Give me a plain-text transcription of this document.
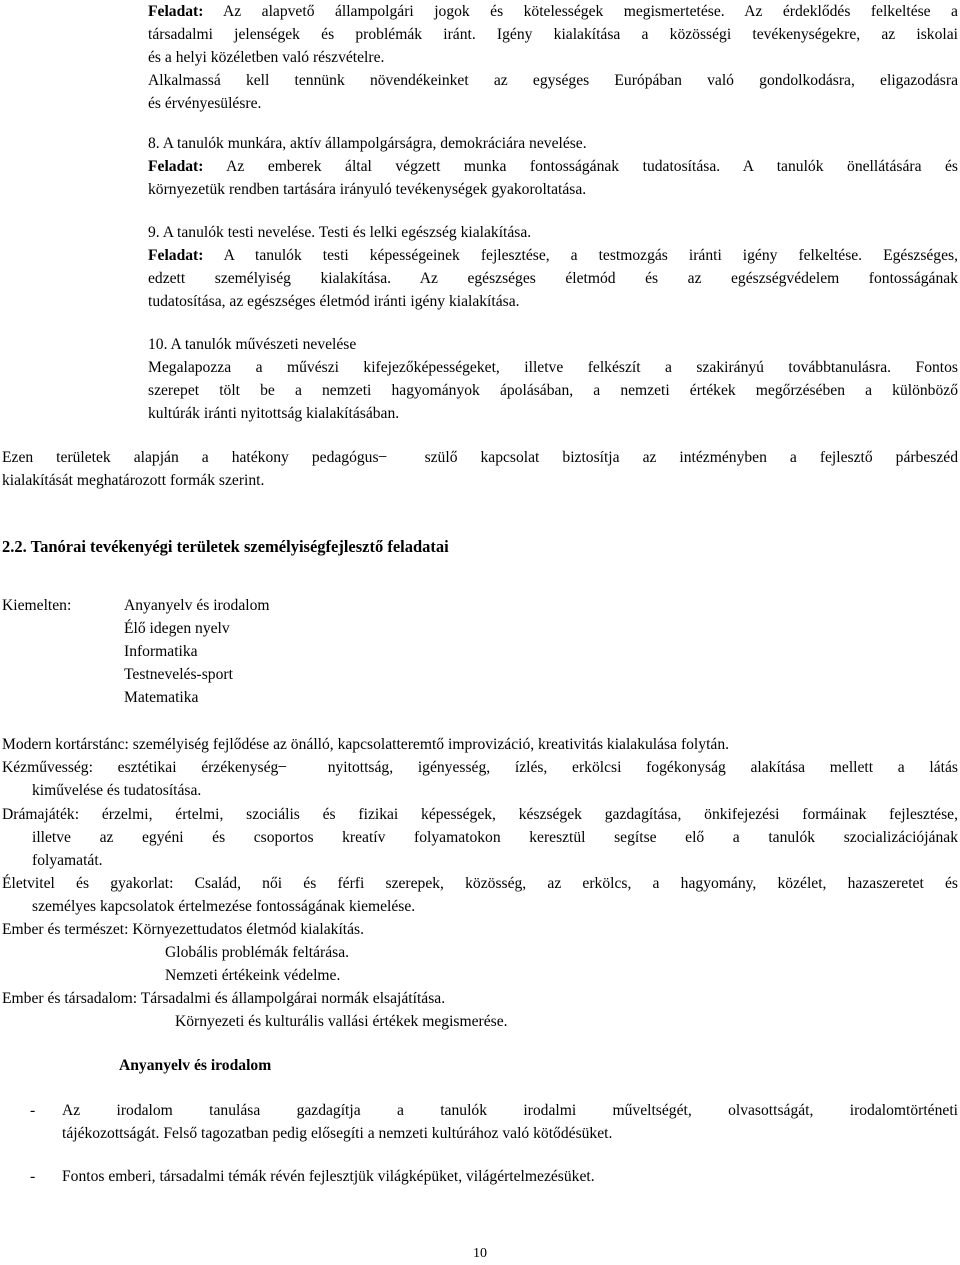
Feladat: Az alapvető állampolgári jogok és kötelességek megismertetése. Az érdeklődés felkeltése a
társadalmi jelenségek és problémák iránt. Igény kialakítása a közösségi tevékenységekre, az iskolai
és a helyi közéletben való részvételre.
Alkalmassá kell tennünk növendékeinket az egységes Európában való gondolkodásra, eligazodásra
és érvényesülésre.
8. A tanulók munkára, aktív állampolgárságra, demokráciára nevelése.
Feladat: Az emberek által végzett munka fontosságának tudatosítása. A tanulók önellátására és
környezetük rendben tartására irányuló tevékenységek gyakoroltatása.
9. A tanulók testi nevelése. Testi és lelki egészség kialakítása.
Feladat: A tanulók testi képességeinek fejlesztése, a testmozgás iránti igény felkeltése. Egészséges,
edzett személyiség kialakítása. Az egészséges életmód és az egészségvédelem fontosságának
tudatosítása, az egészséges életmód iránti igény kialakítása.
10. A tanulók művészeti nevelése
Megalapozza a művészi kifejezőképességeket, illetve felkészít a szakirányú továbbtanulásra. Fontos
szerepet tölt be a nemzeti hagyományok ápolásában, a nemzeti értékek megőrzésében a különböző
kultúrák iránti nyitottság kialakításában.
Ezen területek alapján a hatékony pedagógus ̶ szülő kapcsolat biztosítja az intézményben a fejlesztő párbeszéd
kialakítását meghatározott formák szerint.
2.2. Tanórai tevékenyégi területek személyiségfejlesztő feladatai
Kiemelten:	Anyanyelv és irodalom
Élő idegen nyelv
Informatika
Testnevelés-sport
Matematika
Modern kortárstánc: személyiség fejlődése az önálló, kapcsolatteremtő improvizáció, kreativitás kialakulása folytán.
Kézművesség: esztétikai érzékenység ̶ nyitottság, igényesség, ízlés, erkölcsi fogékonyság alakítása mellett a látás
kiművelése és tudatosítása.
Drámajáték: érzelmi, értelmi, szociális és fizikai képességek, készségek gazdagítása, önkifejezési formáinak fejlesztése,
illetve az egyéni és csoportos kreatív folyamatokon keresztül segítse elő a tanulók szocializációjának
folyamatát.
Életvitel és gyakorlat: Család, női és férfi szerepek, közösség, az erkölcs, a hagyomány, közélet, hazaszeretet és
személyes kapcsolatok értelmezése fontosságának kiemelése.
Ember és természet: Környezettudatos életmód kialakítás.
Globális problémák feltárása.
Nemzeti értékeink védelme.
Ember és társadalom: Társadalmi és állampolgárai normák elsajátítása.
Környezeti és kulturális vallási értékek megismerése.
Anyanyelv és irodalom
- Az irodalom tanulása gazdagítja a tanulók irodalmi műveltségét, olvasottságát, irodalomtörténeti
tájékozottságát. Felső tagozatban pedig elősegíti a nemzeti kultúrához való kötődésüket.
- Fontos emberi, társadalmi témák révén fejlesztjük világképüket, világértelmezésüket.
10
